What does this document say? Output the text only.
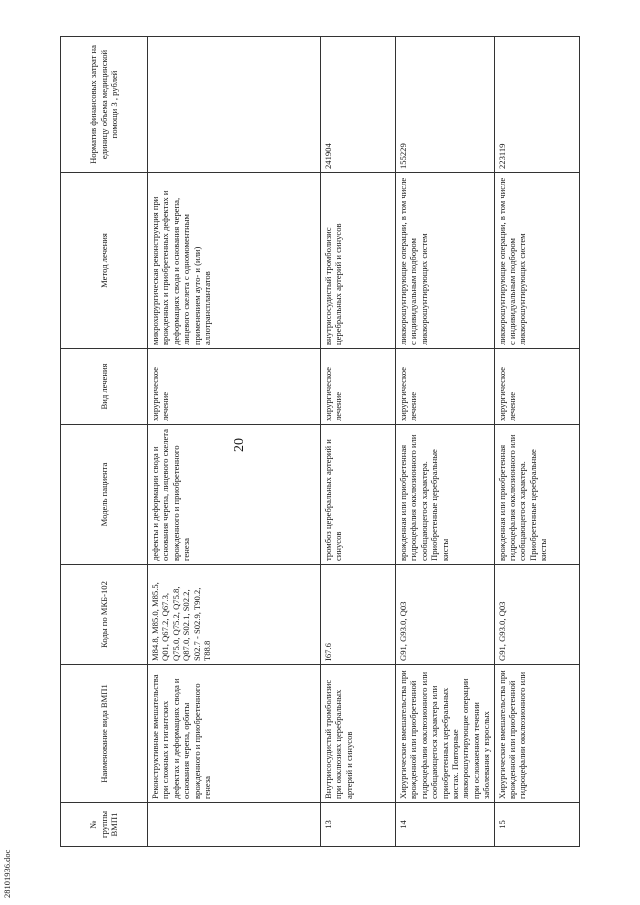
20
28101936.doc
№ группы ВМП1	Наименование вида ВМП1	Коды по МКБ-102	Модель пациента	Вид лечения	Метод лечения	Норматив финансовых затрат на единицу объема медицинской помощи 3 , рублей
	Реконструктивные вмешательства при сложных и гигантских дефектах и деформациях свода и основания черепа, орбиты врожденного и приобретенного генеза	M84.8, M85.0, M85.5, Q01, Q67.2, Q67.3, Q75.0, Q75.2, Q75.8, Q87.0, S02.1, S02.2, S02.7 - S02.9, T90.2, T88.8	дефекты и деформации свода и основания черепа, лицевого скелета врожденного и приобретенного генеза	хирургическое лечение	микрохирургическая реконструкция при врожденных и приобретенных дефектах и деформациях свода и основания черепа, лицевого скелета с одномоментным применением ауто- и (или) аллотрансплантатов	
13	Внутрисосудистый тромболизис при окклюзиях церебральных артерий и синусов	I67.6	тромбоз церебральных артерий и синусов	хирургическое лечение	внутрисосудистый тромболизис церебральных артерий и синусов	241904
14	Хирургические вмешательства при врожденной или приобретенной гидроцефалии окклюзионного или сообщающегося характера или приобретенных церебральных кистах. Повторные ликворошунтирующие операции при осложненном течении заболевания у взрослых	G91, G93.0, Q03	врожденная или приобретенная гидроцефалия окклюзионного или сообщающегося характера. Приобретенные церебральные кисты	хирургическое лечение	ликворошунтирующие операции, в том числе с индивидуальным подбором ликворошунтирующих систем	155229
15	Хирургические вмешательства при врожденной или приобретенной гидроцефалии окклюзионного или	G91, G93.0, Q03	врожденная или приобретенная гидроцефалия окклюзионного или сообщающегося характера. Приобретенные церебральные кисты	хирургическое лечение	ликворошунтирующие операции, в том числе с индивидуальным подбором ликворошунтирующих систем	223119
